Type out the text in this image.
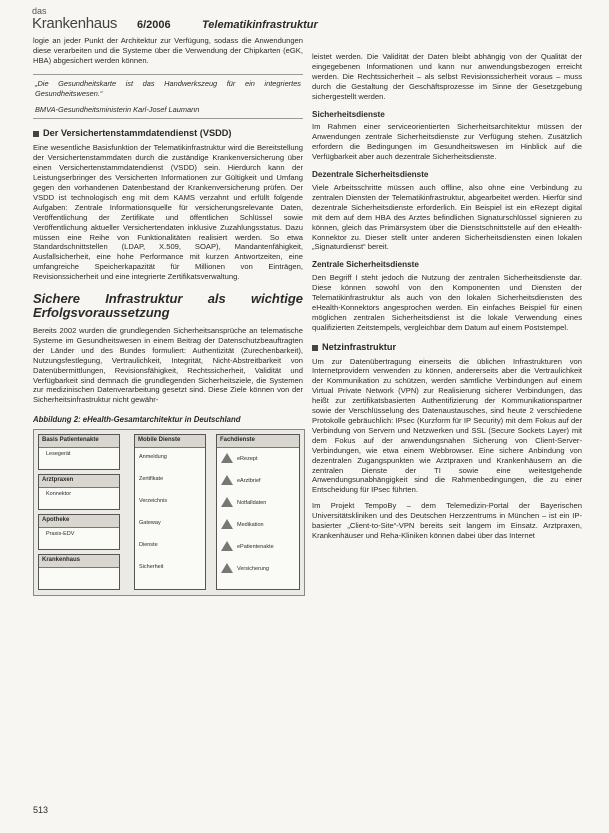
das
Krankenhaus 6/2006	Telematikinfrastruktur

logie an jeder Punkt der Architektur zur Verfügung, sodass die Anwendungen diese verarbeiten und die Systeme über die Verwendung der Chipkarten (eGK, HBA) abgesichert werden können.

„Die Gesundheitskarte ist das Handwerkszeug für ein integriertes Gesundheitswesen.“
BMVA-Gesundheitsministerin Karl-Josef Laumann
Der Versichertenstammdatendienst (VSDD)

Eine wesentliche Basisfunktion der Telematikinfrastruktur wird die Bereitstellung der Versichertenstammdaten durch die zuständige Krankenversicherung über einen Versichertenstammdatendienst (VSDD) sein. Hierdurch kann der Leistungserbringer des Versicherten Informationen zur Gültigkeit und Umfang gegen den vorhandenen Datenbestand der Krankenversicherung prüfen. Der VSDD ist technologisch eng mit dem KAMS verzahnt und erfüllt folgende Aufgaben: Zentrale Informationsquelle für versicherungsrelevante Daten, Veröffentlichung der Zertifikate und öffentlichen Schlüssel sowie Veröffentlichung aktueller Versichertendaten inklusive Zuzahlungsstatus. Dazu müssen eine Reihe von Funktionalitäten realisiert werden. So etwa Standardschnittstellen (LDAP, X.509, SOAP), Mandantenfähigkeit, Ausfallsicherheit, eine hohe Performance mit kurzen Antwortzeiten, eine umfangreiche Speicherkapazität für Millionen von Einträgen, Revisionssicherheit und eine integrierte Zertifikatsverwaltung.

Sichere Infrastruktur als wichtige Erfolgsvoraussetzung

Bereits 2002 wurden die grundlegenden Sicherheitsansprüche an telematische Systeme im Gesundheitswesen in einem Beitrag der Datenschutzbeauftragten der Länder und des Bundes formuliert: Authentizität (Zurechenbarkeit), Nutzungsfestlegung, Vertraulichkeit, Integrität, Nicht-Abstreitbarkeit von Datenübermittlungen, Revisionsfähigkeit, Rechtssicherheit, Validität und Verfügbarkeit sind demnach die grundlegenden Sicherheitsziele, die Systemen zur medizinischen Datenverarbeitung gesetzt sind. Diese Ziele können von der Sicherheitsinfrastruktur nicht gewähr-

Abbildung 2: eHealth-Gesamtarchitektur in Deutschland
Basis Patientenakte
Arztpraxen
Apotheke
Krankenhaus
Mobile Dienste
Anmeldung
Zertifikate
Verzeichnis
Gateway
Dienste
Sicherheit
Fachdienste
eRezept
eArztbrief
Notfalldaten
Medikation
ePatientenakte
Versicherung
Lesegerät
Konnektor
Praxis-EDV

leistet werden. Die Validität der Daten bleibt abhängig von der Qualität der eingegebenen Informationen und kann nur anwendungsbezogen erreicht werden. Die Rechtssicherheit – als selbst Revisionssicherheit voraus – muss durch die Gestaltung der Geschäftsprozesse im Sinne der Gesetzgebung sichergestellt werden.

Sicherheitsdienste

Im Rahmen einer serviceorientierten Sicherheitsarchitektur müssen der Anwendungen zentrale Sicherheitsdienste zur Verfügung stehen. Zusätzlich erfordern die Bedingungen im Gesundheitswesen im Hinblick auf die Verfügbarkeit aber auch dezentrale Sicherheitsdienste.

Dezentrale Sicherheitsdienste

Viele Arbeitsschritte müssen auch offline, also ohne eine Verbindung zu zentralen Diensten der Telematikinfrastruktur, abgearbeitet werden. Hierfür sind dezentrale Sicherheitsdienste erforderlich. Ein Beispiel ist ein eRezept digital mit dem auf dem HBA des Arztes befindlichen Signaturschlüssel signieren zu können, gleich das Primärsystem über die Dienstschnittstelle auf den eHealth-Konnektor zu. Dieser stellt unter anderen Sicherheitsdiensten einen lokalen „Signaturdienst“ bereit.

Zentrale Sicherheitsdienste

Den Begriff I steht jedoch die Nutzung der zentralen Sicherheitsdienste dar. Diese können sowohl von den Komponenten und Diensten der Telematikinfrastruktur als auch von den lokalen Sicherheitsdiensten des eHealth-Konnektors angesprochen werden. Ein einfaches Beispiel für einen möglichen zentralen Sicherheitsdienst ist die lokale Verwendung eines qualifizierten Zeitstempels, vergleichbar dem Datum auf einem Poststempel.

Netzinfrastruktur

Um zur Datenübertragung einerseits die üblichen Infrastrukturen von Internetprovidern verwenden zu können, andererseits aber die Vertraulichkeit der Kommunikation zu schützen, werden sämtliche Verbindungen auf einem Virtual Private Network (VPN) zur Realisierung sicherer Verbindungen, das heißt zur zertifikatsbasierten Authentifizierung der Kommunikationspartner sowie der Verschlüsselung des Datenaustausches, sind heute 2 verschiedene Protokolle gebräuchlich: IPsec (Kurzform für IP Security) mit dem Fokus auf der Verbindung von Servern und Netzwerken und SSL (Secure Sockets Layer) mit dem Fokus auf der anwendungsnahen Sicherung von Client-Server-Verbindungen, wie etwa einem Webbrowser. Eine sichere Anbindung von dezentralen Zugangspunkten wie Arztpraxen und Krankenhäusern an die zentralen Dienste der TI sowie eine weitestgehende Anwendungsunabhängigkeit sind die Rahmenbedingungen, die zu einer Entscheidung für IPsec führten.

Im Projekt TempoBy – dem Telemedizin-Portal der Bayerischen Universitätskliniken und des Deutschen Herzzentrums in München – ist ein IP-basierter „Client-to-Site“-VPN bereits seit langem im Einsatz. Arztpraxen, Krankenhäuser und Reha-Kliniken können dabei über das Internet

513
